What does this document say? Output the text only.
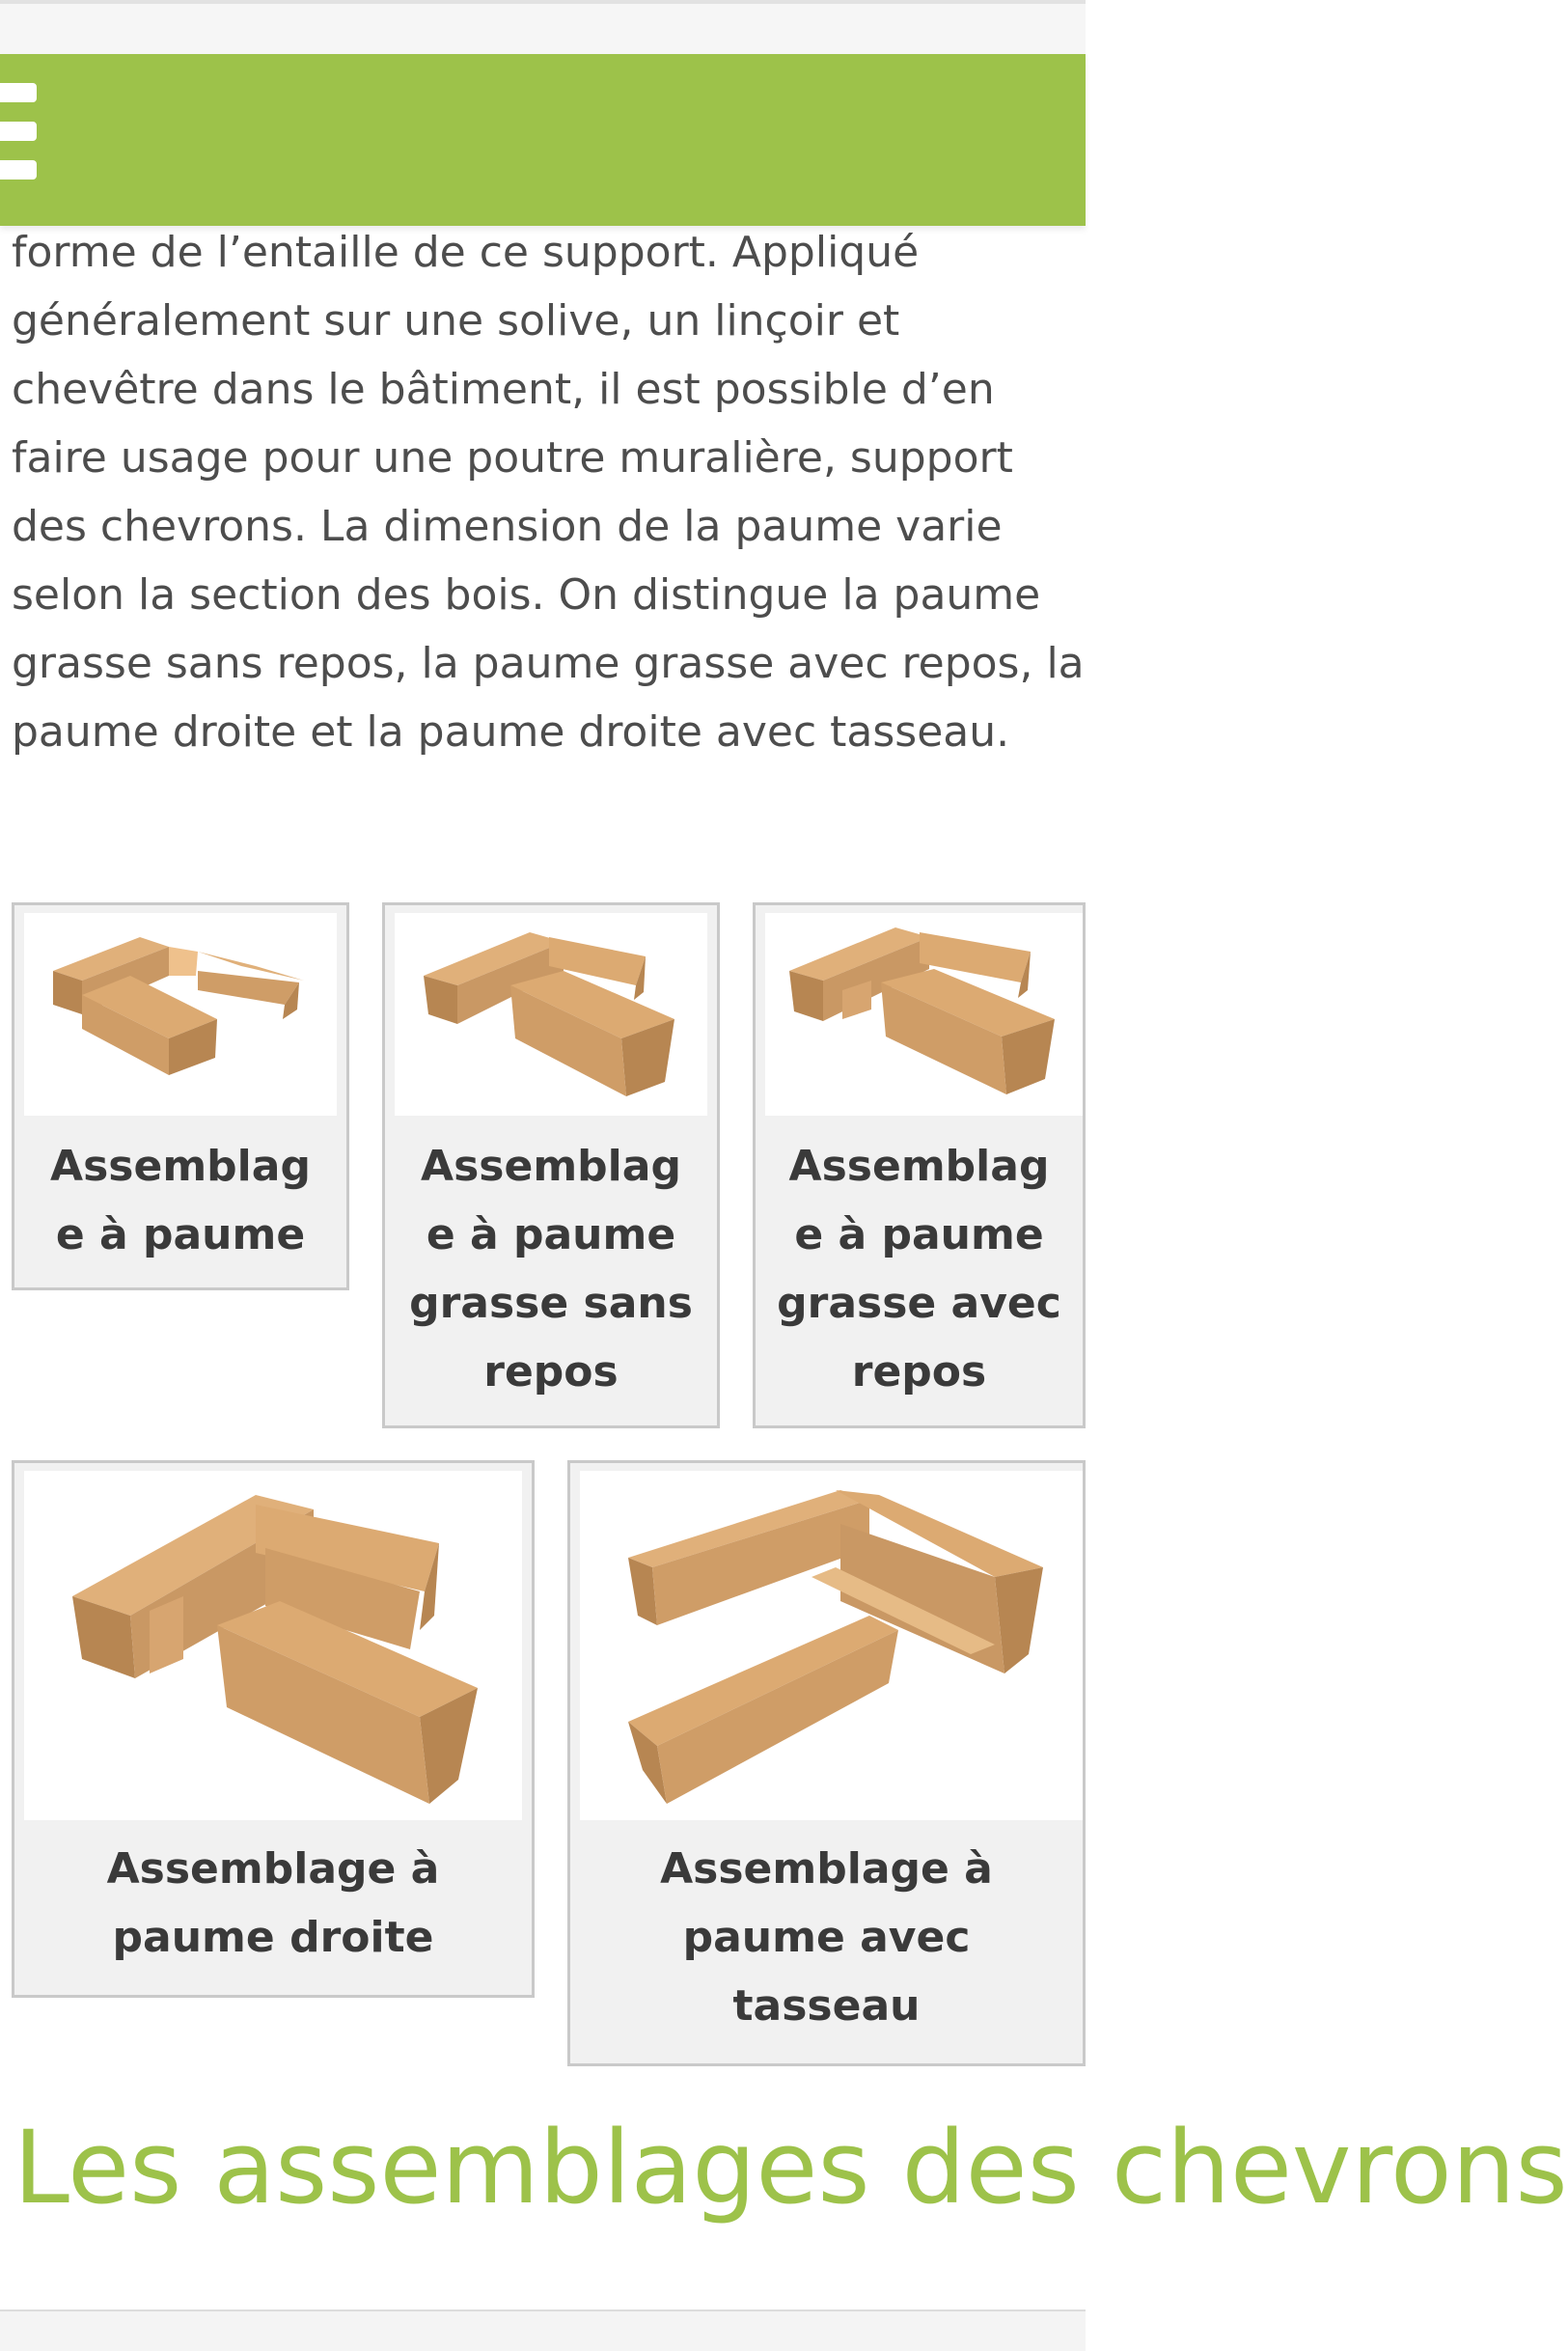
forme de l’entaille de ce support. Appliqué généralement sur une solive, un linçoir et chevêtre dans le bâtiment, il est possible d’en faire usage pour une poutre muralière, support des chevrons. La dimension de la paume varie selon la section des bois. On distingue la paume grasse sans repos, la paume grasse avec repos, la paume droite et la paume droite avec tasseau.

Assemblag
e à paume
Assemblag
e à paume
grasse sans
repos
Assemblag
e à paume
grasse avec
repos
Assemblage à
paume droite
Assemblage à
paume avec
tasseau
Les assemblages des chevrons
